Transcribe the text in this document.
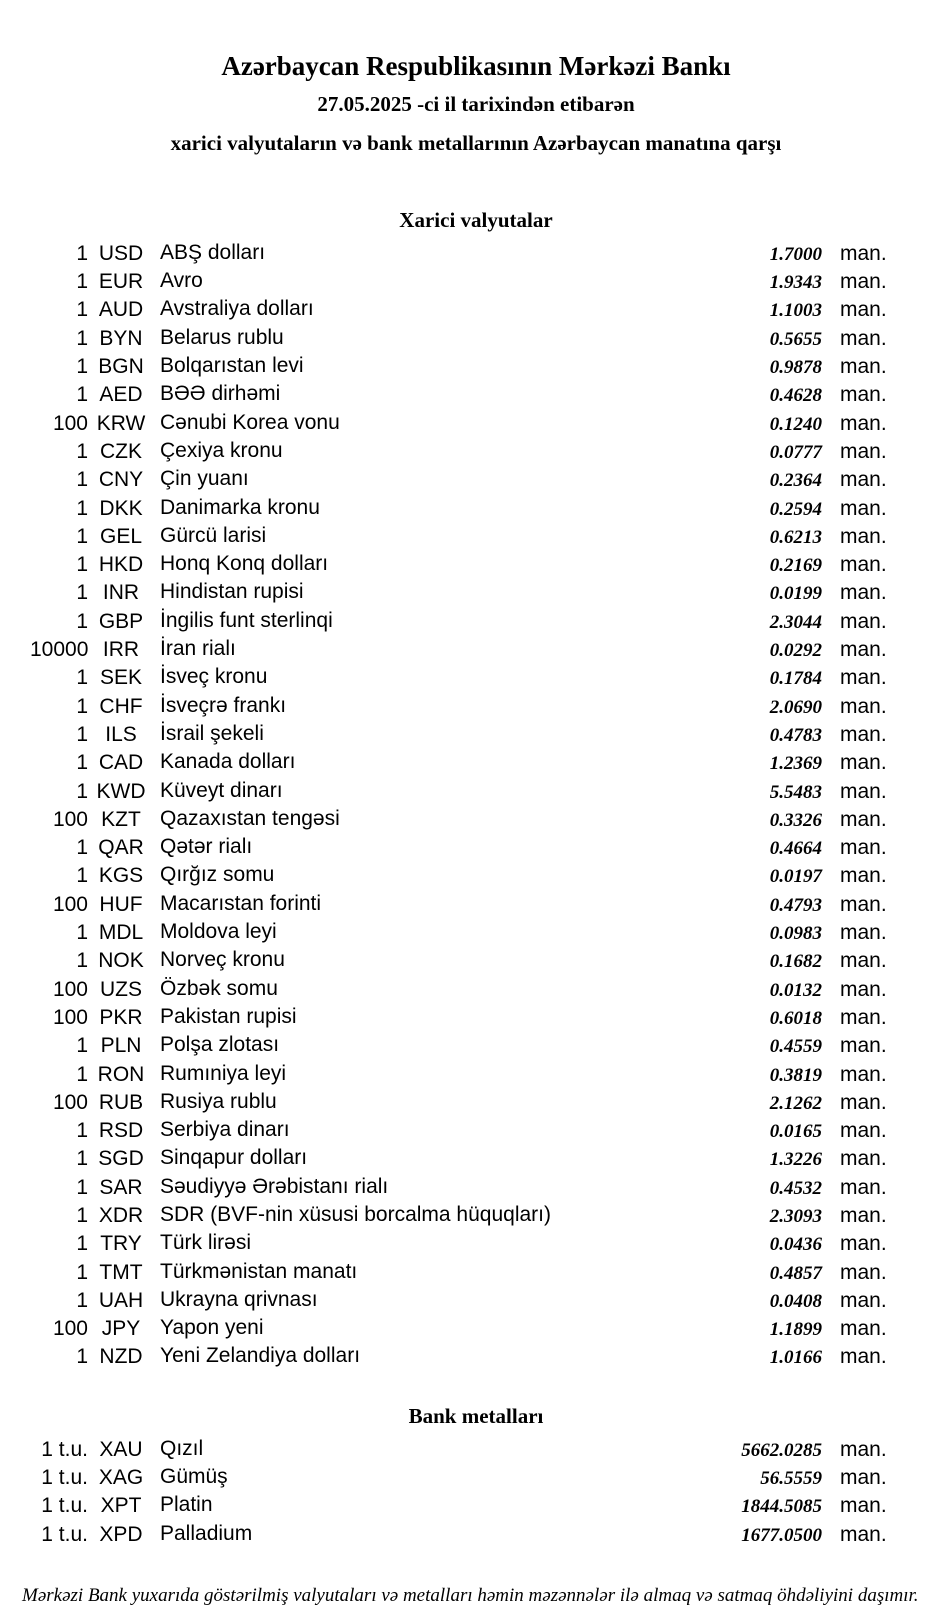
Azərbaycan Respublikasının Mərkəzi Bankı
27.05.2025 -ci il tarixindən etibarən
xarici valyutaların və bank metallarının Azərbaycan manatına qarşı
Xarici valyutalar
1 USD ABŞ dolları	1.7000 man.
1 EUR Avro	1.9343 man.
1 AUD Avstraliya dolları	1.1003 man.
1 BYN Belarus rublu	0.5655 man.
1 BGN Bolqarıstan levi	0.9878 man.
1 AED BƏƏ dirhəmi	0.4628 man.
100 KRW Cənubi Korea vonu	0.1240 man.
1 CZK Çexiya kronu	0.0777 man.
1 CNY Çin yuanı	0.2364 man.
1 DKK Danimarka kronu	0.2594 man.
1 GEL Gürcü larisi	0.6213 man.
1 HKD Honq Konq dolları	0.2169 man.
1 INR Hindistan rupisi	0.0199 man.
1 GBP İngilis funt sterlinqi	2.3044 man.
10000 IRR İran rialı	0.0292 man.
1 SEK İsveç kronu	0.1784 man.
1 CHF İsveçrə frankı	2.0690 man.
1 ILS	İsrail şekeli	0.4783 man.
1 CAD Kanada dolları	1.2369 man.
1 KWD Küveyt dinarı	5.5483 man.
100 KZT Qazaxıstan tengəsi	0.3326 man.
1 QAR Qətər rialı	0.4664 man.
1 KGS Qırğız somu	0.0197 man.
100 HUF Macarıstan forinti	0.4793 man.
1 MDL Moldova leyi	0.0983 man.
1 NOK Norveç kronu	0.1682 man.
100 UZS Özbək somu	0.0132 man.
100 PKR Pakistan rupisi	0.6018 man.
1 PLN Polşa zlotası	0.4559 man.
1 RON Rumıniya leyi	0.3819 man.
100 RUB Rusiya rublu	2.1262 man.
1 RSD Serbiya dinarı	0.0165 man.
1 SGD Sinqapur dolları	1.3226 man.
1 SAR Səudiyyə Ərəbistanı rialı	0.4532 man.
1 XDR SDR (BVF-nin xüsusi borcalma hüquqları)	2.3093 man.
1 TRY Türk lirəsi	0.0436 man.
1 TMT Türkmənistan manatı	0.4857 man.
1 UAH Ukrayna qrivnası	0.0408 man.
100 JPY Yapon yeni	1.1899 man.
1 NZD Yeni Zelandiya dolları	1.0166 man.
Bank metalları
1 t.u. XAU Qızıl	5662.0285 man.
1 t.u. XAG Gümüş	56.5559 man.
1 t.u. XPT Platin	1844.5085 man.
1 t.u. XPD Palladium	1677.0500 man.
Mərkəzi Bank yuxarıda göstərilmiş valyutaları və metalları həmin məzənnələr ilə almaq və satmaq öhdəliyini daşımır.
